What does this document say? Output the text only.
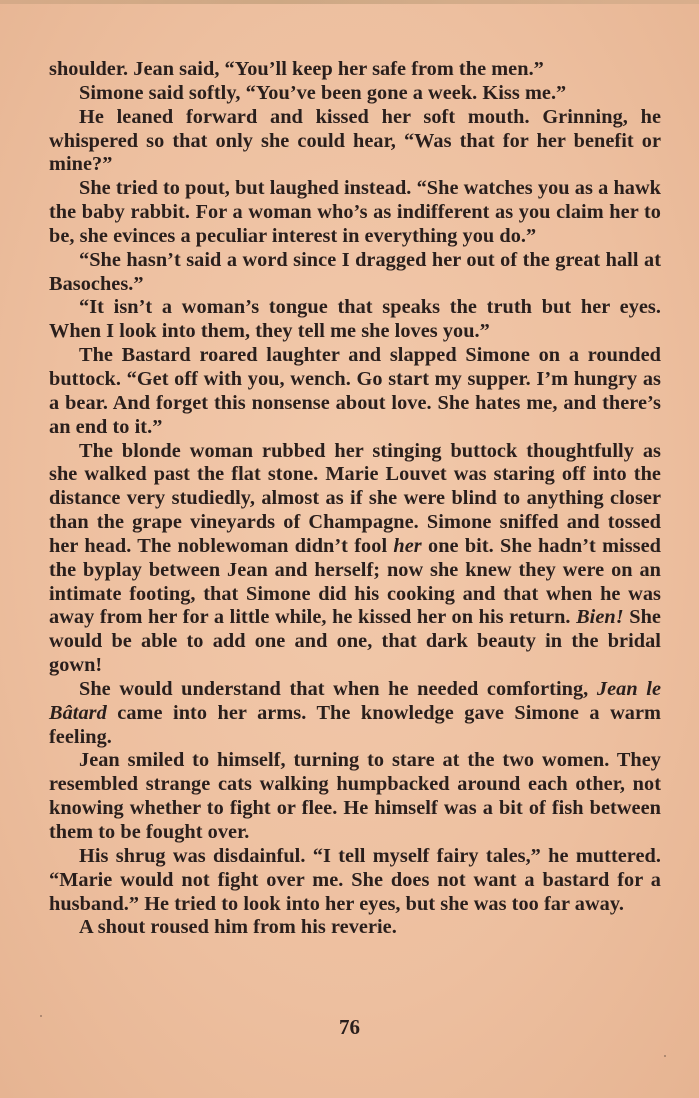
shoulder. Jean said, “You’ll keep her safe from the men.”

Simone said softly, “You’ve been gone a week. Kiss me.”

He leaned forward and kissed her soft mouth. Grinning, he whispered so that only she could hear, “Was that for her benefit or mine?”

She tried to pout, but laughed instead. “She watches you as a hawk the baby rabbit. For a woman who’s as indifferent as you claim her to be, she evinces a peculiar interest in everything you do.”

“She hasn’t said a word since I dragged her out of the great hall at Basoches.”

“It isn’t a woman’s tongue that speaks the truth but her eyes. When I look into them, they tell me she loves you.”

The Bastard roared laughter and slapped Simone on a rounded buttock. “Get off with you, wench. Go start my supper. I’m hungry as a bear. And forget this nonsense about love. She hates me, and there’s an end to it.”

The blonde woman rubbed her stinging buttock thoughtfully as she walked past the flat stone. Marie Louvet was staring off into the distance very studiedly, almost as if she were blind to anything closer than the grape vineyards of Champagne. Simone sniffed and tossed her head. The noblewoman didn’t fool her one bit. She hadn’t missed the byplay between Jean and herself; now she knew they were on an intimate footing, that Simone did his cooking and that when he was away from her for a little while, he kissed her on his return. Bien! She would be able to add one and one, that dark beauty in the bridal gown!

She would understand that when he needed comforting, Jean le Bâtard came into her arms. The knowledge gave Simone a warm feeling.

Jean smiled to himself, turning to stare at the two women. They resembled strange cats walking humpbacked around each other, not knowing whether to fight or flee. He himself was a bit of fish between them to be fought over.

His shrug was disdainful. “I tell myself fairy tales,” he muttered. “Marie would not fight over me. She does not want a bastard for a husband.” He tried to look into her eyes, but she was too far away.

A shout roused him from his reverie.

76
